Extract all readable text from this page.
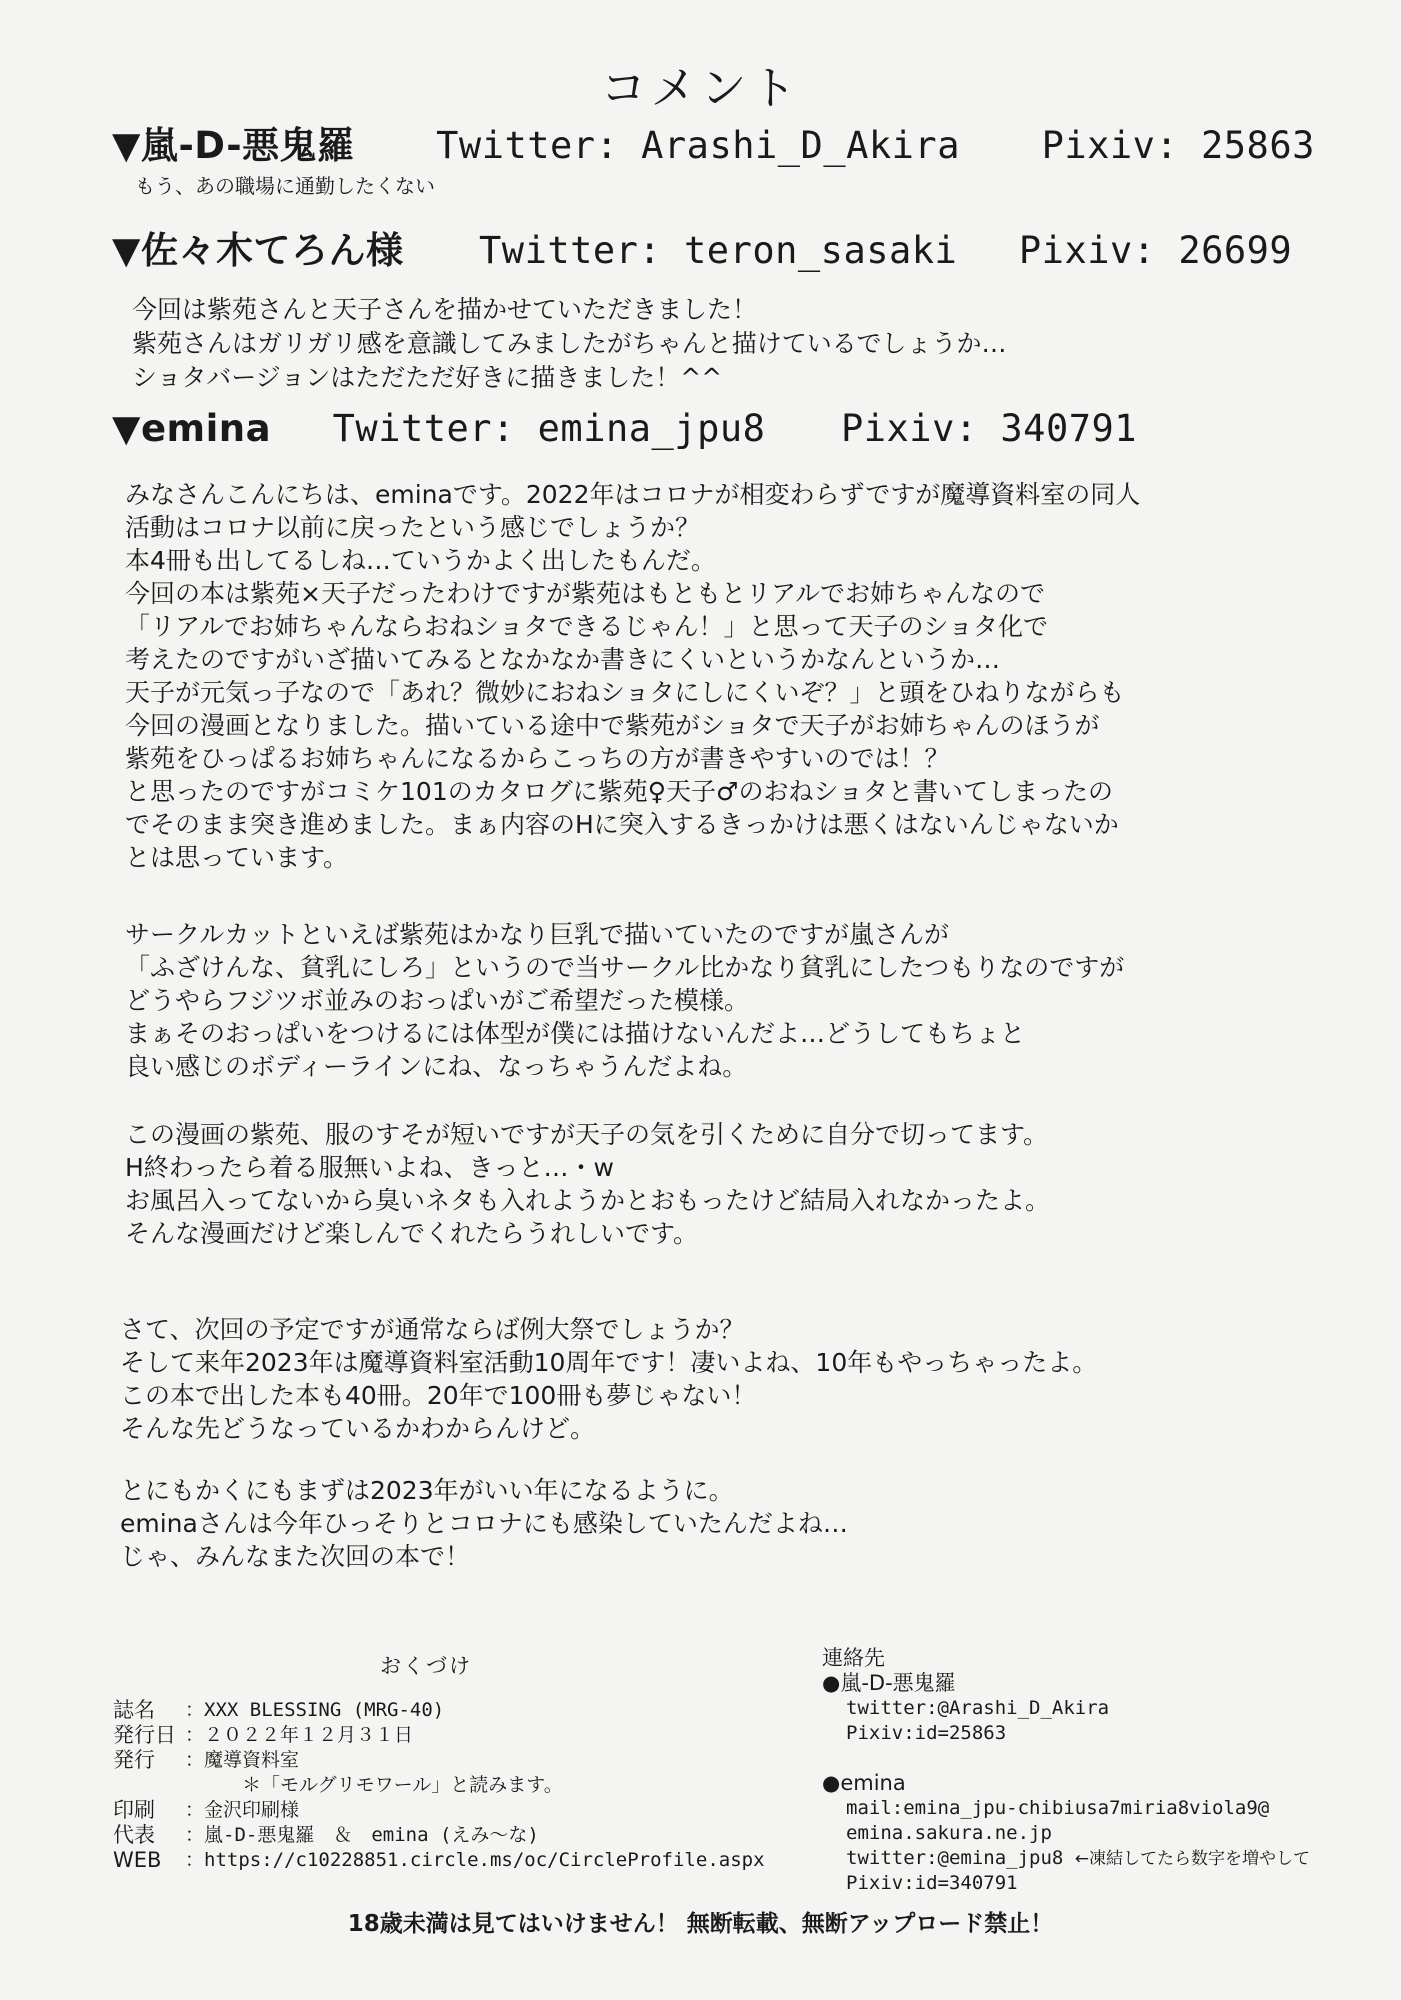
コメント
▼嵐-D-悪鬼羅 Twitter: Arashi_D_Akira Pixiv: 25863
もう、あの職場に通勤したくない
▼佐々木てろん様 Twitter: teron_sasaki Pixiv: 26699

今回は紫苑さんと天子さんを描かせていただきました！

紫苑さんはガリガリ感を意識してみましたがちゃんと描けているでしょうか…

ショタバージョンはただただ好きに描きました！^^

▼emina Twitter: emina_jpu8 Pixiv: 340791

みなさんこんにちは、eminaです。2022年はコロナが相変わらずですが魔導資料室の同人

活動はコロナ以前に戻ったという感じでしょうか？

本4冊も出してるしね…ていうかよく出したもんだ。

今回の本は紫苑×天子だったわけですが紫苑はもともとリアルでお姉ちゃんなので

「リアルでお姉ちゃんならおねショタできるじゃん！」と思って天子のショタ化で

考えたのですがいざ描いてみるとなかなか書きにくいというかなんというか…

天子が元気っ子なので「あれ？微妙におねショタにしにくいぞ？」と頭をひねりながらも

今回の漫画となりました。描いている途中で紫苑がショタで天子がお姉ちゃんのほうが

紫苑をひっぱるお姉ちゃんになるからこっちの方が書きやすいのでは！？

と思ったのですがコミケ101のカタログに紫苑♀天子♂のおねショタと書いてしまったの

でそのまま突き進めました。まぁ内容のHに突入するきっかけは悪くはないんじゃないか

とは思っています。

サークルカットといえば紫苑はかなり巨乳で描いていたのですが嵐さんが

「ふざけんな、貧乳にしろ」というので当サークル比かなり貧乳にしたつもりなのですが

どうやらフジツボ並みのおっぱいがご希望だった模様。

まぁそのおっぱいをつけるには体型が僕には描けないんだよ…どうしてもちょと

良い感じのボディーラインにね、なっちゃうんだよね。

この漫画の紫苑、服のすそが短いですが天子の気を引くために自分で切ってます。

H終わったら着る服無いよね、きっと…・w

お風呂入ってないから臭いネタも入れようかとおもったけど結局入れなかったよ。

そんな漫画だけど楽しんでくれたらうれしいです。

さて、次回の予定ですが通常ならば例大祭でしょうか？

そして来年2023年は魔導資料室活動10周年です！凄いよね、10年もやっちゃったよ。

この本で出した本も40冊。20年で100冊も夢じゃない！

そんな先どうなっているかわからんけど。

とにもかくにもまずは2023年がいい年になるように。

eminaさんは今年ひっそりとコロナにも感染していたんだよね…

じゃ、みんなまた次回の本で！

おくづけ
誌名	：XXX BLESSING (MRG-40)
発行日 ：２０２２年１２月３１日
発行	：魔導資料室
　　　＊「モルグリモワール」と読みます。
印刷	：金沢印刷様
代表	：嵐-D-悪鬼羅　＆　emina (えみ～な)
WEB	：https://c10228851.circle.ms/oc/CircleProfile.aspx
連絡先
●嵐-D-悪鬼羅
twitter:@Arashi_D_Akira
Pixiv:id=25863
●emina
mail:emina_jpu-chibiusa7miria8viola9@
emina.sakura.ne.jp
twitter:@emina_jpu8 ←凍結してたら数字を増やして
Pixiv:id=340791
18歳未満は見てはいけません！ 無断転載、無断アップロード禁止！
